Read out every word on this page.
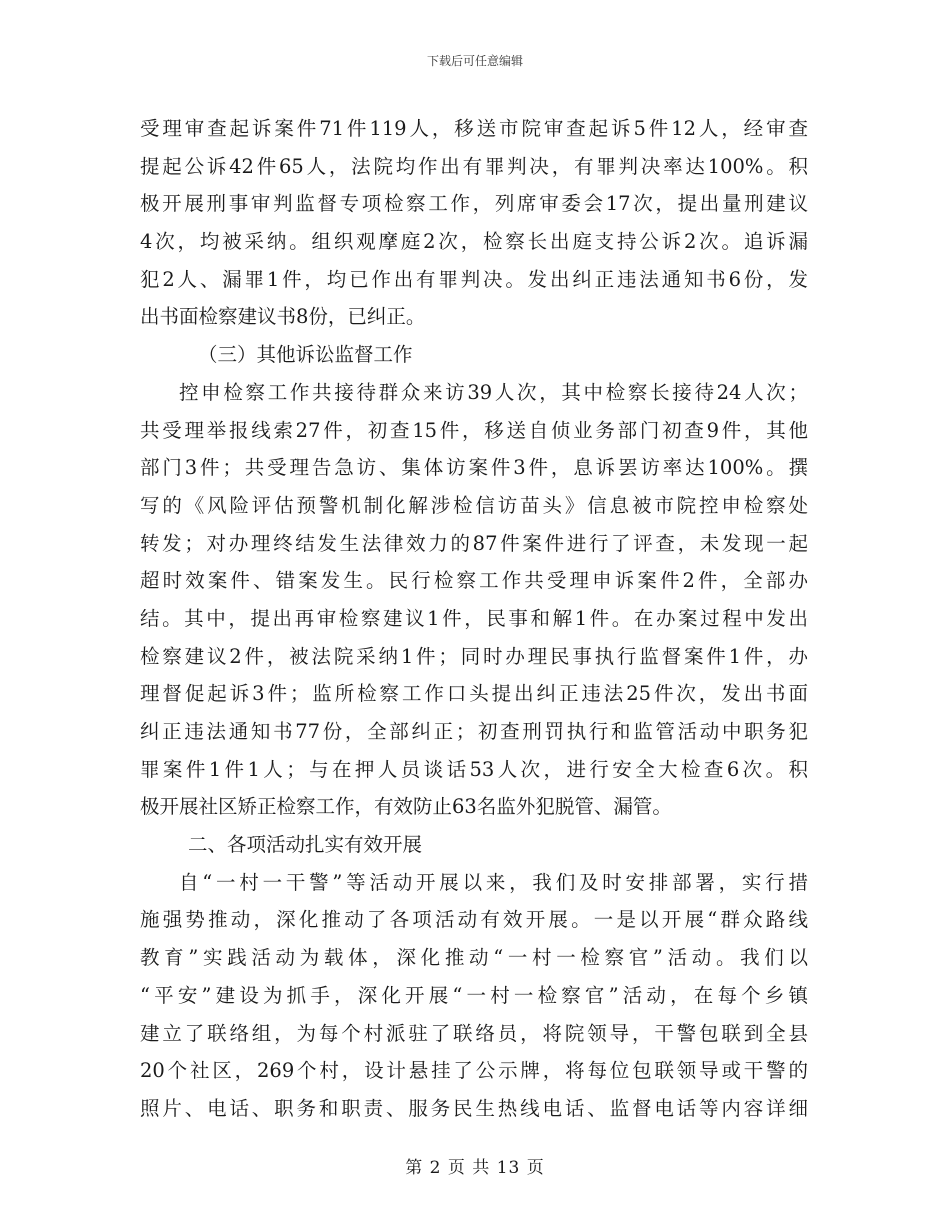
下载后可任意编辑
受理审查起诉案件71件119人，移送市院审查起诉5件12人，经审查
提起公诉42件65人，法院均作出有罪判决，有罪判决率达100%。积
极开展刑事审判监督专项检察工作，列席审委会17次，提出量刑建议
4次，均被采纳。组织观摩庭2次，检察长出庭支持公诉2次。追诉漏
犯2人、漏罪1件，均已作出有罪判决。发出纠正违法通知书6份，发
出书面检察建议书8份，已纠正。
（三）其他诉讼监督工作
控申检察工作共接待群众来访39人次，其中检察长接待24人次；
共受理举报线索27件，初查15件，移送自侦业务部门初查9件，其他
部门3件；共受理告急访、集体访案件3件，息诉罢访率达100%。撰
写的《风险评估预警机制化解涉检信访苗头》信息被市院控申检察处
转发；对办理终结发生法律效力的87件案件进行了评查，未发现一起
超时效案件、错案发生。民行检察工作共受理申诉案件2件，全部办
结。其中，提出再审检察建议1件，民事和解1件。在办案过程中发出
检察建议2件，被法院采纳1件；同时办理民事执行监督案件1件，办
理督促起诉3件；监所检察工作口头提出纠正违法25件次，发出书面
纠正违法通知书77份，全部纠正；初查刑罚执行和监管活动中职务犯
罪案件1件1人；与在押人员谈话53人次，进行安全大检查6次。积
极开展社区矫正检察工作，有效防止63名监外犯脱管、漏管。
二、各项活动扎实有效开展
自“一村一干警”等活动开展以来，我们及时安排部署，实行措
施强势推动，深化推动了各项活动有效开展。一是以开展“群众路线
教育”实践活动为载体，深化推动“一村一检察官”活动。我们以
“平安”建设为抓手，深化开展“一村一检察官”活动，在每个乡镇
建立了联络组，为每个村派驻了联络员，将院领导，干警包联到全县
20个社区，269个村，设计悬挂了公示牌，将每位包联领导或干警的
照片、电话、职务和职责、服务民生热线电话、监督电话等内容详细
第 2 页 共 13 页
